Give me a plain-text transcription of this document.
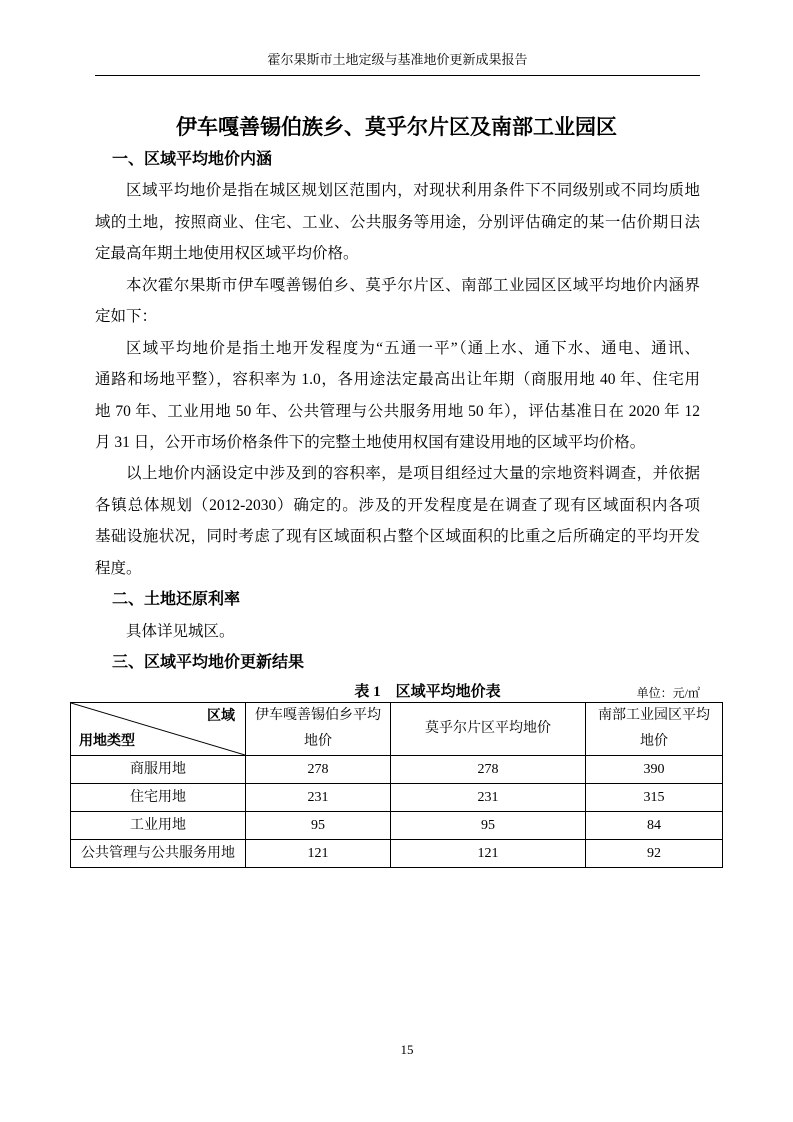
霍尔果斯市土地定级与基准地价更新成果报告
伊车嘎善锡伯族乡、莫乎尔片区及南部工业园区
一、区域平均地价内涵
区域平均地价是指在城区规划区范围内，对现状利用条件下不同级别或不同均质地
域的土地，按照商业、住宅、工业、公共服务等用途，分别评估确定的某一估价期日法
定最高年期土地使用权区域平均价格。
本次霍尔果斯市伊车嘎善锡伯乡、莫乎尔片区、南部工业园区区域平均地价内涵界
定如下：
区域平均地价是指土地开发程度为“五通一平”（通上水、通下水、通电、通讯、
通路和场地平整），容积率为 1.0，各用途法定最高出让年期（商服用地 40 年、住宅用
地 70 年、工业用地 50 年、公共管理与公共服务用地 50 年），评估基准日在 2020 年 12
月 31 日，公开市场价格条件下的完整土地使用权国有建设用地的区域平均价格。
以上地价内涵设定中涉及到的容积率，是项目组经过大量的宗地资料调查，并依据
各镇总体规划（2012-2030）确定的。涉及的开发程度是在调查了现有区域面积内各项
基础设施状况，同时考虑了现有区域面积占整个区域面积的比重之后所确定的平均开发
程度。
二、土地还原利率
具体详见城区。
三、区域平均地价更新结果
表 1　区域平均地价表	单位：元/㎡
区域
用地类型	伊车嘎善锡伯乡平均地价	莫乎尔片区平均地价	南部工业园区平均地价
商服用地	278	278	390
住宅用地	231	231	315
工业用地	95	95	84
公共管理与公共服务用地	121	121	92
15
